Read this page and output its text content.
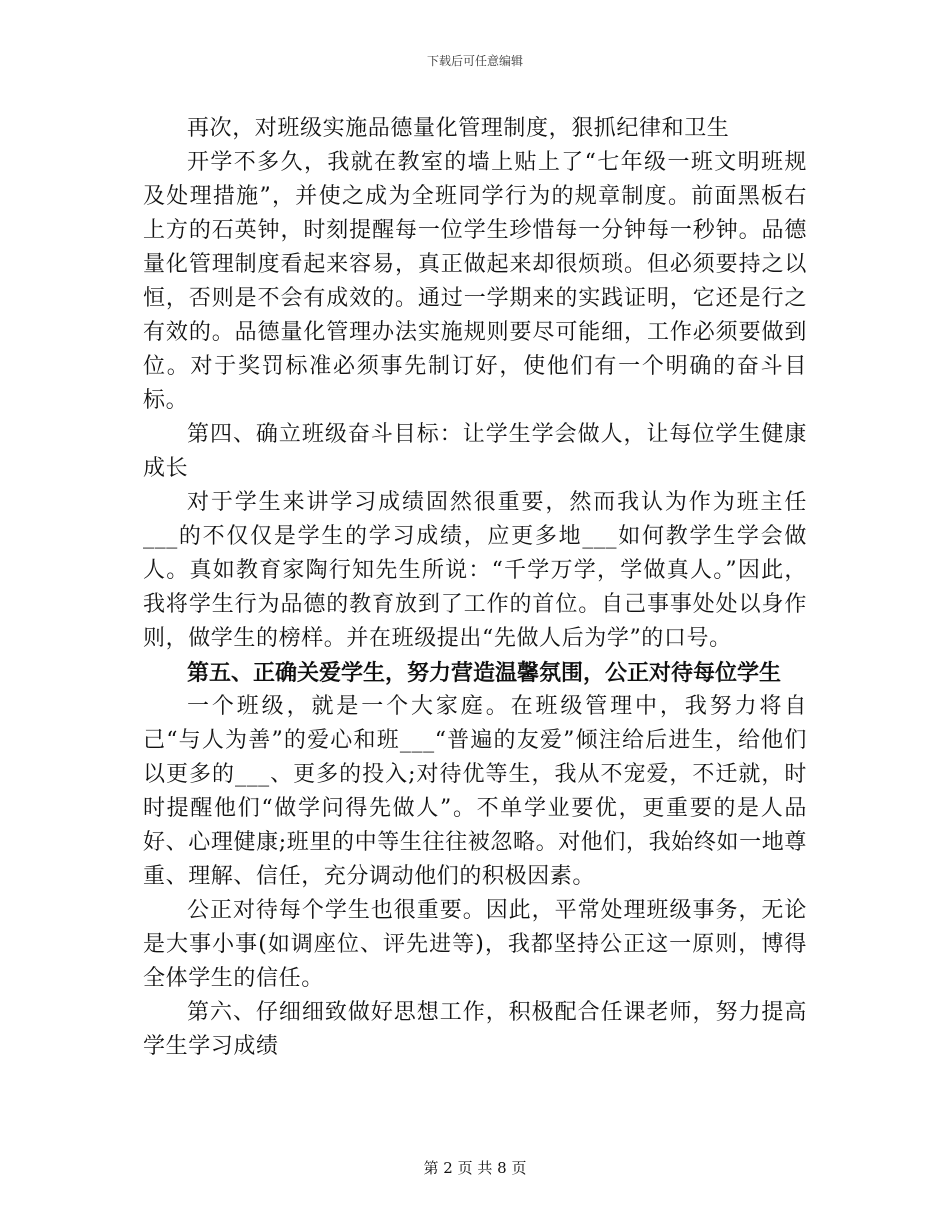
下载后可任意编辑

再次，对班级实施品德量化管理制度，狠抓纪律和卫生

开学不多久，我就在教室的墙上贴上了“七年级一班文明班规及处理措施”，并使之成为全班同学行为的规章制度。前面黑板右上方的石英钟，时刻提醒每一位学生珍惜每一分钟每一秒钟。品德量化管理制度看起来容易，真正做起来却很烦琐。但必须要持之以恒，否则是不会有成效的。通过一学期来的实践证明，它还是行之有效的。品德量化管理办法实施规则要尽可能细，工作必须要做到位。对于奖罚标准必须事先制订好，使他们有一个明确的奋斗目标。

第四、确立班级奋斗目标：让学生学会做人，让每位学生健康成长

对于学生来讲学习成绩固然很重要，然而我认为作为班主任___的不仅仅是学生的学习成绩，应更多地___如何教学生学会做人。真如教育家陶行知先生所说：“千学万学，学做真人。”因此，我将学生行为品德的教育放到了工作的首位。自己事事处处以身作则，做学生的榜样。并在班级提出“先做人后为学”的口号。

第五、正确关爱学生，努力营造温馨氛围，公正对待每位学生

一个班级，就是一个大家庭。在班级管理中，我努力将自己“与人为善”的爱心和班___“普遍的友爱”倾注给后进生，给他们以更多的___、更多的投入;对待优等生，我从不宠爱，不迁就，时时提醒他们“做学问得先做人”。不单学业要优，更重要的是人品好、心理健康;班里的中等生往往被忽略。对他们，我始终如一地尊重、理解、信任，充分调动他们的积极因素。

公正对待每个学生也很重要。因此，平常处理班级事务，无论是大事小事(如调座位、评先进等)，我都坚持公正这一原则，博得全体学生的信任。

第六、仔细细致做好思想工作，积极配合任课老师，努力提高学生学习成绩

第 2 页 共 8 页
